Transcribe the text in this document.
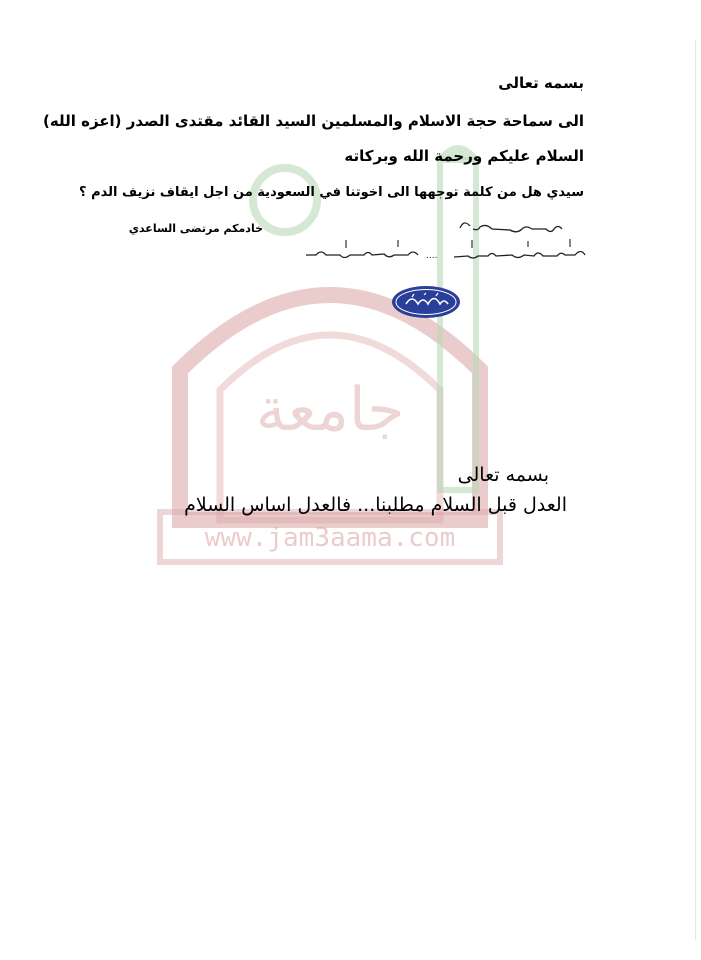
جامعة
www.jam3aama.com
بسمه تعالى
الى سماحة حجة الاسلام والمسلمين السيد القائد مقتدى الصدر (اعزه الله)
السلام عليكم ورحمة الله وبركاته
سيدي هل من كلمة توجهها الى اخوتنا في السعودية من اجل ايقاف نزيف الدم ؟
خادمكم مرتضى الساعدي
....
بسمه تعالى
العدل قبل السلام مطلبنا... فالعدل اساس السلام
